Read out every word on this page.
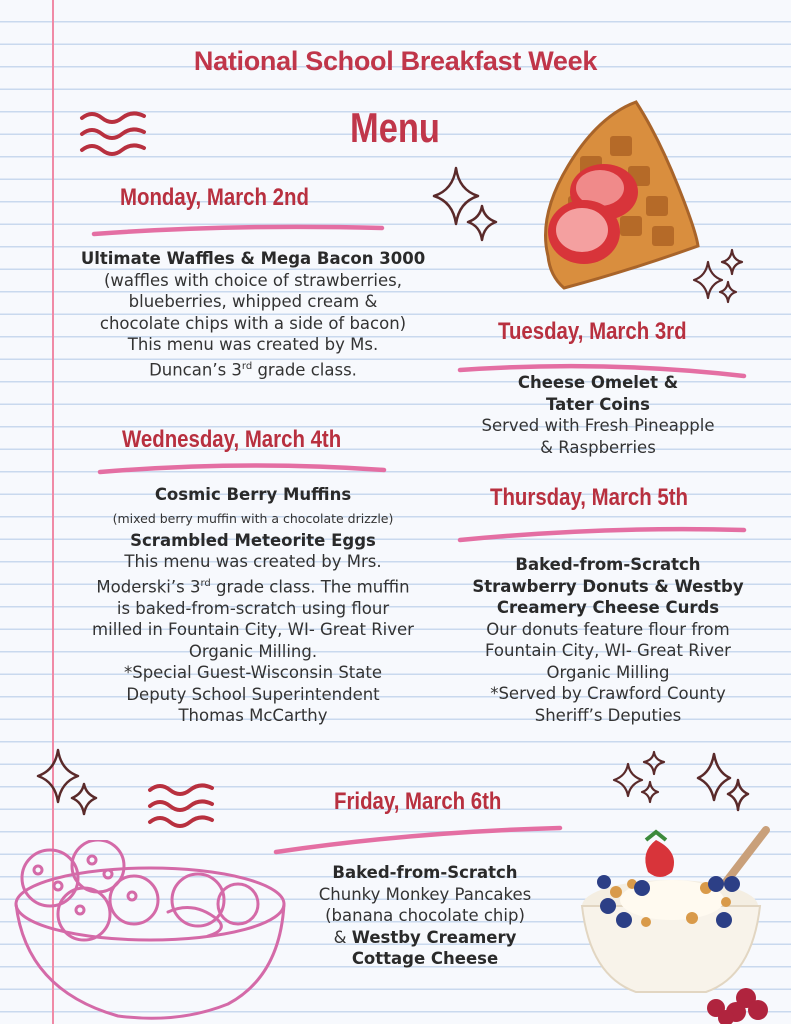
National School Breakfast Week
Menu
Monday, March 2nd
Ultimate Waffles & Mega Bacon 3000
(waffles with choice of strawberries,
blueberries, whipped cream &
chocolate chips with a side of bacon)
This menu was created by Ms.
Duncan’s 3rd grade class.
Tuesday, March 3rd
Cheese Omelet &
Tater Coins
Served with Fresh Pineapple
& Raspberries
Wednesday, March 4th
Cosmic Berry Muffins
(mixed berry muffin with a chocolate drizzle)
Scrambled Meteorite Eggs
This menu was created by Mrs.
Moderski’s 3rd grade class. The muffin
is baked-from-scratch using flour
milled in Fountain City, WI- Great River
Organic Milling.
*Special Guest-Wisconsin State
Deputy School Superintendent
Thomas McCarthy
Thursday, March 5th
Baked-from-Scratch
Strawberry Donuts & Westby
Creamery Cheese Curds
Our donuts feature flour from
Fountain City, WI- Great River
Organic Milling
*Served by Crawford County
Sheriff’s Deputies
Friday, March 6th
Baked-from-Scratch
Chunky Monkey Pancakes
(banana chocolate chip)
& Westby Creamery
Cottage Cheese
